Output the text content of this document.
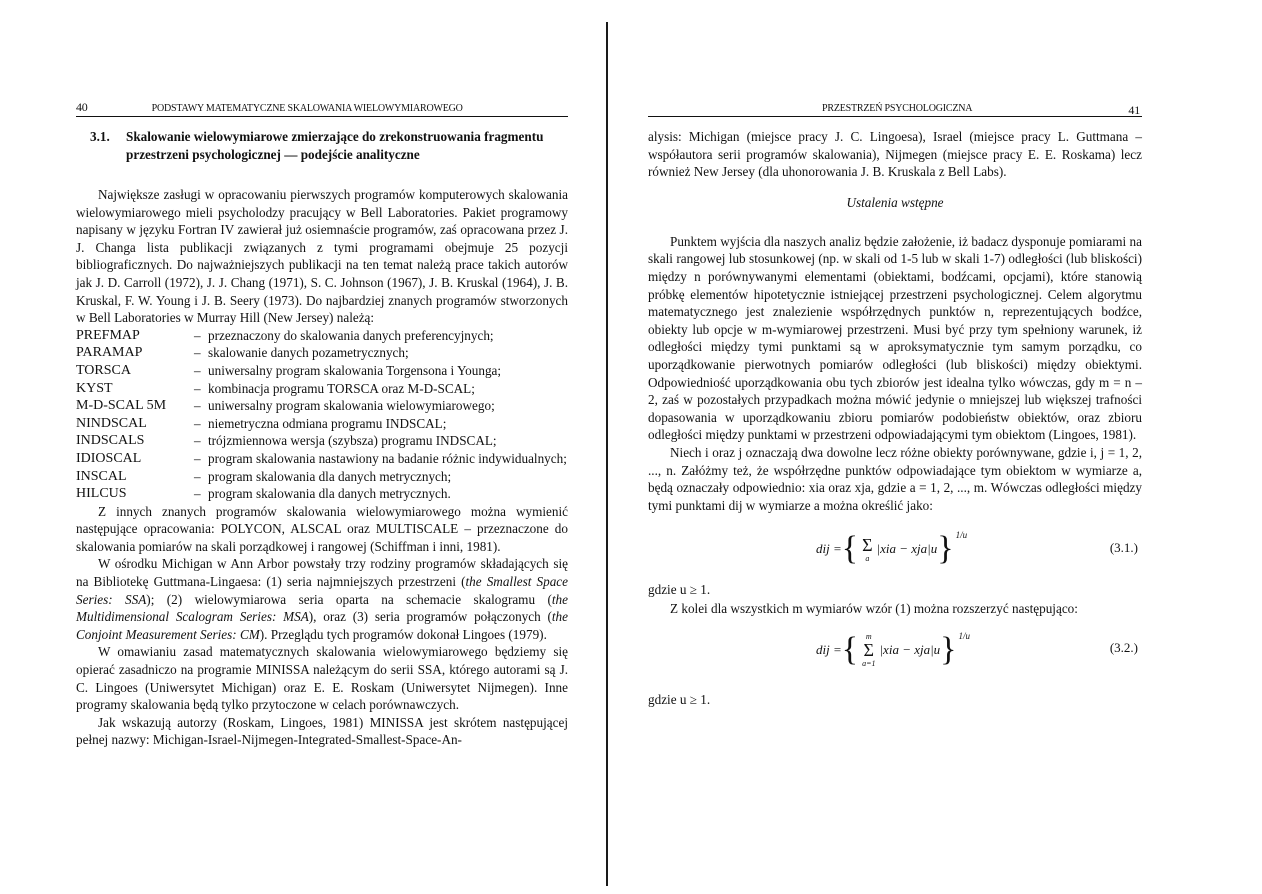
40	PODSTAWY MATEMATYCZNE SKALOWANIA WIELOWYMIAROWEGO
3.1. Skalowanie wielowymiarowe zmierzające do zrekonstruowania fragmentu
przestrzeni psychologicznej — podejście analityczne

Największe zasługi w opracowaniu pierwszych programów komputerowych skalowania wielowymiarowego mieli psycholodzy pracujący w Bell Laboratories. Pakiet programowy napisany w języku Fortran IV zawierał już osiemnaście programów, zaś opracowana przez J. J. Changa lista publikacji związanych z tymi programami obejmuje 25 pozycji bibliograficznych. Do najważniejszych publikacji na ten temat należą prace takich autorów jak J. D. Carroll (1972), J. J. Chang (1971), S. C. Johnson (1967), J. B. Kruskal (1964), J. B. Kruskal, F. W. Young i J. B. Seery (1973). Do najbardziej znanych programów stworzonych w Bell Laboratories w Murray Hill (New Jersey) należą:

PREFMAP	– przeznaczony do skalowania danych preferencyjnych;
PARAMAP	– skalowanie danych pozametrycznych;
TORSCA	– uniwersalny program skalowania Torgensona i Younga;
KYST	– kombinacja programu TORSCA oraz M-D-SCAL;
M-D-SCAL 5M	– uniwersalny program skalowania wielowymiarowego;
NINDSCAL	– niemetryczna odmiana programu INDSCAL;
INDSCALS	– trójzmiennowa wersja (szybsza) programu INDSCAL;
IDIOSCAL	– program skalowania nastawiony na badanie różnic indywidualnych;
INSCAL	– program skalowania dla danych metrycznych;
HILCUS	– program skalowania dla danych metrycznych.

Z innych znanych programów skalowania wielowymiarowego można wymienić następujące opracowania: POLYCON, ALSCAL oraz MULTISCALE – przeznaczone do skalowania pomiarów na skali porządkowej i rangowej (Schiffman i inni, 1981).

W ośrodku Michigan w Ann Arbor powstały trzy rodziny programów składających się na Bibliotekę Guttmana-Lingaesa: (1) seria najmniejszych przestrzeni (the Smallest Space Series: SSA); (2) wielowymiarowa seria oparta na schemacie skalogramu (the Multidimensional Scalogram Series: MSA), oraz (3) seria programów połączonych (the Conjoint Measurement Series: CM). Przeglądu tych programów dokonał Lingoes (1979).

W omawianiu zasad matematycznych skalowania wielowymiarowego będziemy się opierać zasadniczo na programie MINISSA należącym do serii SSA, którego autorami są J. C. Lingoes (Uniwersytet Michigan) oraz E. E. Roskam (Uniwersytet Nijmegen). Inne programy skalowania będą tylko przytoczone w celach porównawczych.

Jak wskazują autorzy (Roskam, Lingoes, 1981) MINISSA jest skrótem następującej pełnej nazwy: Michigan-Israel-Nijmegen-Integrated-Smallest-Space-An-

PRZESTRZEŃ PSYCHOLOGICZNA	41

alysis: Michigan (miejsce pracy J. C. Lingoesa), Israel (miejsce pracy L. Guttmana – współautora serii programów skalowania), Nijmegen (miejsce pracy E. E. Roskama) lecz również New Jersey (dla uhonorowania J. B. Kruskala z Bell Labs).

Ustalenia wstępne

Punktem wyjścia dla naszych analiz będzie założenie, iż badacz dysponuje pomiarami na skali rangowej lub stosunkowej (np. w skali od 1-5 lub w skali 1-7) odległości (lub bliskości) między n porównywanymi elementami (obiektami, bodźcami, opcjami), które stanowią próbkę elementów hipotetycznie istniejącej przestrzeni psychologicznej. Celem algorytmu matematycznego jest znalezienie współrzędnych punktów n, reprezentujących bodźce, obiekty lub opcje w m-wymiarowej przestrzeni. Musi być przy tym spełniony warunek, iż odległości między tymi punktami są w aproksymatycznie tym samym porządku, co uporządkowanie pierwotnych pomiarów odległości (lub bliskości) między obiektymi. Odpowiedniość uporządkowania obu tych zbiorów jest idealna tylko wówczas, gdy m = n – 2, zaś w pozostałych przypadkach można mówić jedynie o mniejszej lub większej trafności dopasowania w uporządkowaniu zbioru pomiarów podobieństw obiektów, oraz zbioru odległości między punktami w przestrzeni odpowiadającymi tym obiektom (Lingoes, 1981).

Niech i oraz j oznaczają dwa dowolne lecz różne obiekty porównywane, gdzie i, j = 1, 2, ..., n. Załóżmy też, że współrzędne punktów odpowiadające tym obiektom w wymiarze a, będą oznaczały odpowiednio: xia oraz xja, gdzie a = 1, 2, ..., m. Wówczas odległości między tymi punktami dij w wymiarze a można określić jako:

dij = { Σ
a
|xia − xja|u } 1/u
(3.1.)
gdzie u ≥ 1.

Z kolei dla wszystkich m wymiarów wzór (1) można rozszerzyć następująco:

dij = { m
Σ
a=1
|xia − xja|u } 1/u
(3.2.)
gdzie u ≥ 1.
